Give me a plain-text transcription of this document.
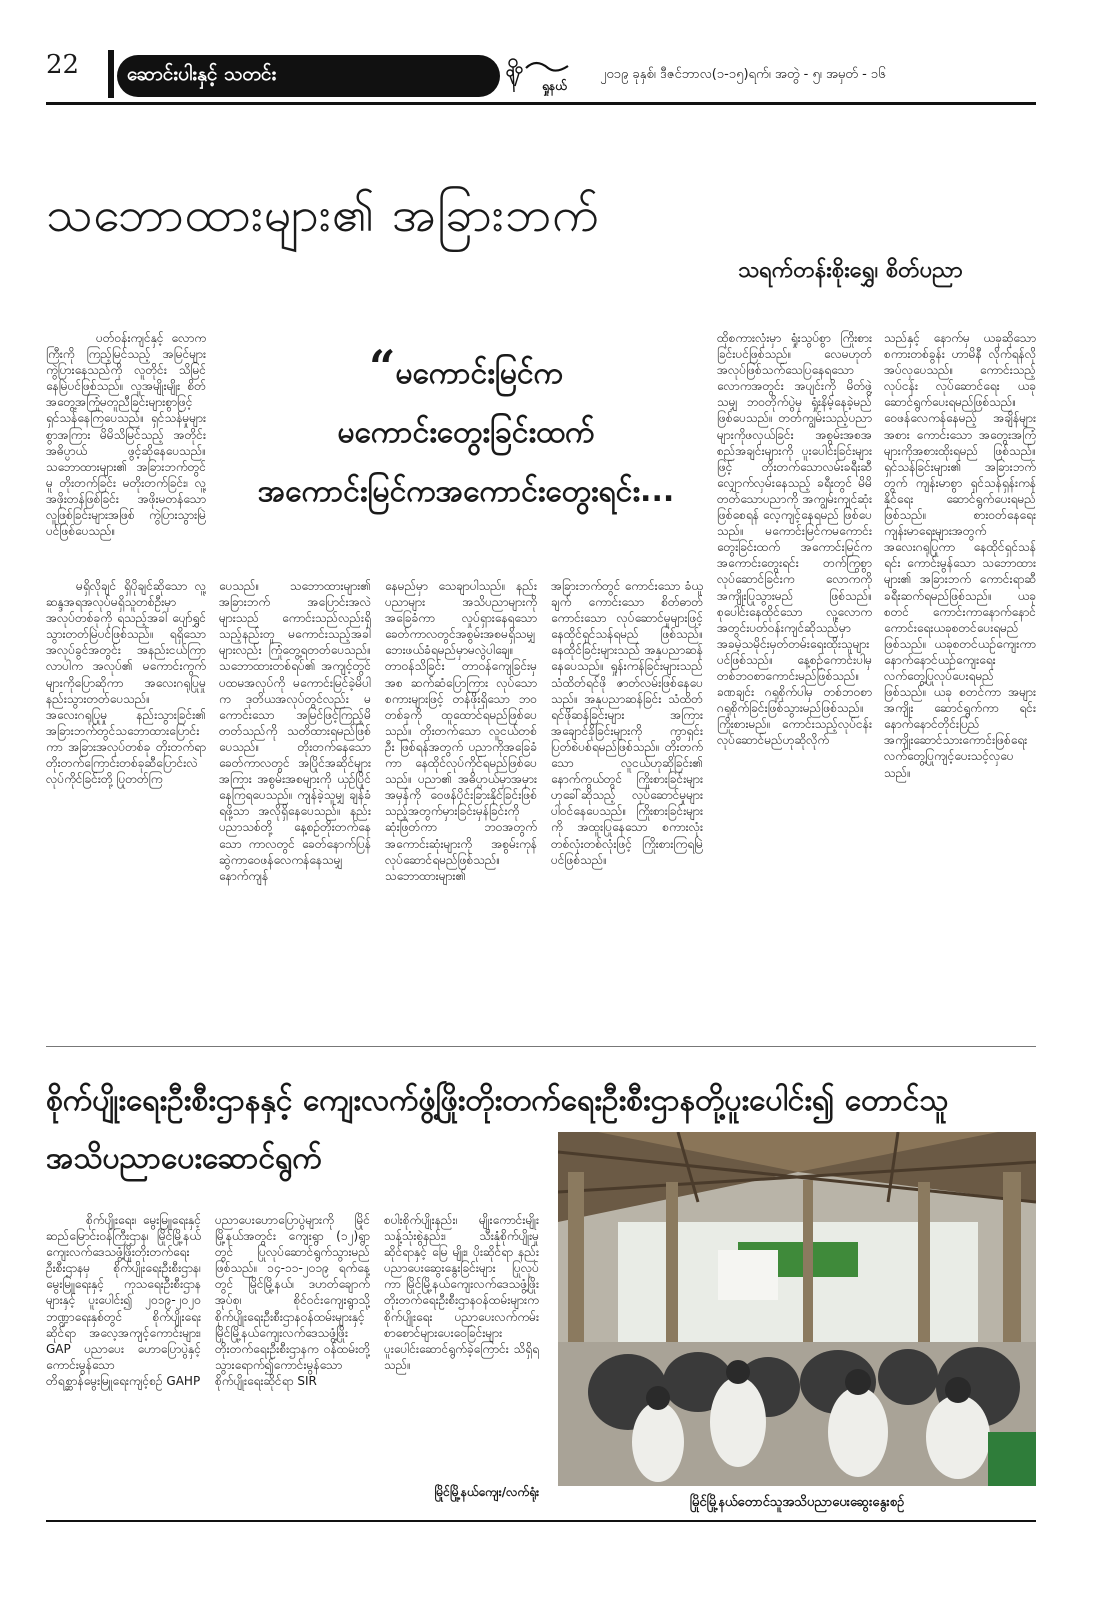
22	ဆောင်းပါးနှင့် သတင်း
ရှုနယ်
၂၀၁၉ ခုနှစ်၊ ဒီဇင်ဘာလ(၁-၁၅)ရက်၊ အတွဲ - ၅၊ အမှတ် - ၁၆
သဘောထားများ၏ အခြားဘက်
သရက်တန်းစိုးရွှေ၊ စိတ်ပညာ
“မကောင်းမြင်က
မကောင်းတွေးခြင်းထက်
အကောင်းမြင်ကအကောင်းတွေးရင်း...

ပတ်ဝန်းကျင်နှင့် လောကကြီးကို ကြည့်မြင်သည့် အမြင်များကွဲပြားနေသည်ကို လူတိုင်း သိမြင်နေမြဲပင်ဖြစ်သည်။ လူအမျိုးမျိုး စိတ်အတွေ့အကြုံမတူညီခြင်းများစွာဖြင့် ရှင်သန်နေကြပေသည်။ ရှင်သန်မှုများစွာအကြား မိမိသိမြင်သည့် အတိုင်း အဓိပ္ပာယ် ဖွင့်ဆိုနေပေသည်။ သဘောထားများ၏ အခြားဘက်တွင်မူ တိုးတက်ခြင်း မတိုးတက်ခြင်း၊ လူ့အဖိုးတန်ဖြစ်ခြင်း အဖိုးမတန်သောလူဖြစ်ခြင်းများအဖြစ် ကွဲပြားသွားမြဲပင်ဖြစ်ပေသည်။

မရှိလိုချင် ရှိပိုချင်ဆိုသော လူ့ဆန္ဒအရအလုပ်မရှိသူတစ်ဦးမှာ အလုပ်တစ်ခုကို ရသည့်အခါ ပျော်ရွှင်သွားတတ်မြဲပင်ဖြစ်သည်။ ရရှိသောအလုပ်ခွင်အတွင်း အနည်းငယ်ကြာလာပါက အလုပ်၏ မကောင်းကွက်များကိုပြောဆိုကာ အလေးဂရုပြုမှု နည်းသွားတတ်ပေသည်။ အလေးဂရုပြုမှု နည်းသွားခြင်း၏ အခြားဘက်တွင်သဘောထားပြောင်းကာ အခြားအလုပ်တစ်ခု တိုးတက်ရာတိုးတက်ကြောင်းတစ်ခုဆီပြောင်းလဲလုပ်ကိုင်ခြင်းတို့ ပြုတတ်ကြ

ပေသည်။ သဘောထားများ၏ အခြားဘက် အပြောင်းအလဲများသည် ကောင်းသည်လည်းရှိသည့်နည်းတူ မကောင်းသည့်အခါများလည်း ကြုံတွေ့ရတတ်ပေသည်။ သဘောထားတစ်ရပ်၏ အကျင့်တွင်ပထမအလုပ်ကို မကောင်းမြင်ခဲ့မိပါက ဒုတိယအလုပ်တွင်လည်း မကောင်းသော အမြင်ဖြင့်ကြည့်မိတတ်သည်ကို သတိထားရမည်ဖြစ်ပေသည်။ တိုးတက်နေသော ခေတ်ကာလတွင် အပြိုင်အဆိုင်များအကြား အစွမ်းအစများကို ယှဉ်ပြိုင်နေကြရပေသည်။ ကျန်ခဲ့သူမျှ ချန်ခံရဖို့သာ အလိုရှိနေပေသည်။ နည်းပညာသစ်တို့ နေ့စဉ်တိုးတက်နေသော ကာလတွင် ခေတ်နောက်ပြန်ဆွဲကာဝေဖန်လေကန်နေသမျှ နောက်ကျန်

နေမည်မှာ သေချာပါသည်။ နည်းပညာများ အသိပညာများကို အခြေခံကာ လှုပ်ရှားနေရသော ခေတ်ကာလတွင်အစွမ်းအစမရှိသမျှ ဘေးဖယ်ခံရမည်မှာမလွဲပါချေ။ တာဝန်သိခြင်း တာဝန်ကျေခြင်းမှအစ ဆက်ဆံပြောကြား လုပ်သောစကားများဖြင့် တန်ဖိုးရှိသော ဘဝတစ်ခုကို ထူထောင်ရမည်ဖြစ်ပေသည်။ တိုးတက်သော လူငယ်တစ်ဦး ဖြစ်ရန်အတွက် ပညာကိုအခြေခံကာ နေထိုင်လုပ်ကိုင်ရမည်ဖြစ်ပေသည်။ ပညာ၏ အဓိပ္ပာယ်မှာအမှားအမှန်ကို ဝေဖန်ပိုင်းခြားနိုင်ခြင်းဖြစ်သည့်အတွက်မှားခြင်းမှန်ခြင်းကို ဆုံးဖြတ်ကာ ဘဝအတွက် အကောင်းဆုံးများကို အစွမ်းကုန် လုပ်ဆောင်ရမည်ဖြစ်သည်။ သဘောထားများ၏

အခြားဘက်တွင် ကောင်းသော ခံယူချက် ကောင်းသော စိတ်ဓာတ် ကောင်းသော လုပ်ဆောင်မှုများဖြင့် နေထိုင်ရှင်သန်ရမည် ဖြစ်သည်။ နေထိုင်ခြင်းများသည် အနုပညာဆန်နေပေသည်။ ရှုန်းကန်ခြင်းများသည်သံထိတ်ရင်ဖို ဇာတ်လမ်းဖြစ်နေပေသည်။ အနုပညာဆန်ခြင်း သံထိတ်ရင်ဖိုဆန်ခြင်းများ အကြား အချောင်ခိုခြင်းများကို ကွာရှင်းပြတ်စဲပစ်ရမည်ဖြစ်သည်။ တိုးတက်သော လူငယ်ဟုဆိုခြင်း၏ နောက်ကွယ်တွင် ကြိုးစားခြင်းများဟုခေါ်ဆိုသည့် လုပ်ဆောင်မှုများ ပါဝင်နေပေသည်။ ကြိုးစားခြင်းများကို အထူးပြုနေသော စကားလုံး တစ်လုံးတစ်လုံးဖြင့် ကြိုးစားကြရမြဲပင်ဖြစ်သည်။

ထိုစကားလုံးမှာ ရှုံးသွပ်စွာ ကြိုးစားခြင်းပင်ဖြစ်သည်။ လေမဟုတ် အလုပ်ဖြစ်သက်သေပြနေရသော လောကအတွင်း အပျင်းကို မိတ်ဖွဲ့သမျှ ဘဝတိုက်ပွဲမှ ရှုံးနိမ့်နေခဲ့မည်ဖြစ်ပေသည်။ တတ်ကျွမ်းသည့်ပညာများကိုဖလှယ်ခြင်း အစွမ်းအစအစည်အချင်းများကို ပူးပေါင်းခြင်းများဖြင့် တိုးတက်သောလမ်းခရီးဆီ လျှောက်လှမ်းနေသည့် ခရီးတွင် မိမိတတ်သောပညာကို အကျွမ်းကျင်ဆုံးဖြစ်စေရန် လေ့ကျင့်နေရမည် ဖြစ်ပေသည်။ မကောင်းမြင်ကမကောင်းတွေးခြင်းထက် အကောင်းမြင်ကအကောင်းတွေးရင်း တက်ကြွစွာလုပ်ဆောင်ခြင်းက လောကကိုအကျိုးပြုသွားမည် ဖြစ်သည်။ စုပေါင်းနေထိုင်သော လူ့လောကအတွင်းပတ်ဝန်းကျင်ဆိုသည်မှာ အခမဲ့သမိုင်းမှတ်တမ်းရေးထိုးသူများပင်ဖြစ်သည်။ နေ့စဉ်ကောင်းပါမှ တစ်ဘဝစာကောင်းမည်ဖြစ်သည်။ ခဏချင်း ဂရုစိုက်ပါမှ တစ်ဘဝစာ ဂရုစိုက်ခြင်းဖြစ်သွားမည်ဖြစ်သည်။ ကြိုးစားမည်။ ကောင်းသည့်လုပ်ငန်း လုပ်ဆောင်မည်ဟုဆိုလိုက်

သည်နှင့် နောက်မှ ယခုဆိုသော စကားတစ်ခွန်း ဟာမိနီ လိုက်ရန်လိုအပ်လှပေသည်။ ကောင်းသည့်လုပ်ငန်း လုပ်ဆောင်ရေး ယခု ဆောင်ရွက်ပေးရမည်ဖြစ်သည်။ ဝေဖန်လေကန်နေမည့် အချိန်များအစား ကောင်းသော အတွေးအကြံများကိုအစားထိုးရမည် ဖြစ်သည်။ ရှင်သန်ခြင်းများ၏ အခြားဘက်တွက် ကျန်းမာစွာ ရှင်သန်ရှန်းကန်နိုင်ရေး ဆောင်ရွက်ပေးရမည်ဖြစ်သည်။ စားဝတ်နေရေး ကျန်းမာရေးများအတွက် အလေးဂရုပြုကာ နေထိုင်ရှင်သန်ရင်း ကောင်းမွန်သော သဘောထားများ၏ အခြားဘက် ကောင်းရာဆီခရီးဆက်ရမည်ဖြစ်သည်။ ယခုစတင် ကောင်းကာနောက်နောင် ကောင်းရေးယခုစတင်ပေးရမည်ဖြစ်သည်။ ယခုစတင်ယဉ်ကျေးကာ နောက်နောင်ယဉ်ကျေးရေး လက်တွေ့ပြုလုပ်ပေးရမည်ဖြစ်သည်။ ယခု စတင်ကာ အများအကျိုး ဆောင်ရွက်ကာ ရင်း နောက်နောင်တိုင်းပြည် အကျိုးဆောင်သားကောင်းဖြစ်ရေး လက်တွေ့ပြုကျင့်ပေးသင့်လှပေသည်။

စိုက်ပျိုးရေးဦးစီးဌာနနှင့် ကျေးလက်ဖွံ့ဖြိုးတိုးတက်ရေးဦးစီးဌာနတို့ပူးပေါင်း၍ တောင်သူ အသိပညာပေးဆောင်ရွက်

စိုက်ပျိုးရေး၊ မွေးမြူရေးနှင့် ဆည်မြောင်းဝန်ကြီးဌာန၊ မြိုင်မြို့နယ်ကျေးလက်ဒေသဖွံ့ဖြိုးတိုးတက်ရေးဦးစီးဌာနမှ စိုက်ပျိုးရေးဦးစီးဌာန၊ မွေးမြူရေးနှင့် ကုသရေးဦးစီးဌာနများနှင့် ပူးပေါင်း၍ ၂၀၁၉-၂၀၂၀ ဘဏ္ဍာရေးနှစ်တွင် စိုက်ပျိုးရေးဆိုင်ရာ အလေ့အကျင့်ကောင်းများ၊ GAP ပညာပေး ဟောပြောပွဲနှင့် ကောင်းမွန်သော တိရစ္ဆာန်မွေးမြူရေးကျင့်စဉ် GAHP

ပညာပေးဟောပြောပွဲများကို မြိုင်မြို့နယ်အတွင်း ကျေးရွာ (၁၂)ရွာတွင် ပြုလုပ်ဆောင်ရွက်သွားမည်ဖြစ်သည်။ ၁၄-၁၁-၂၀၁၉ ရက်နေ့တွင် မြိုင်မြို့နယ်၊ ဒဟတ်ချောက်အုပ်စု၊ စိုင်ဝင်းကျေးရွာသို့ စိုက်ပျိုးရေးဦးစီးဌာနဝန်ထမ်းများနှင့် မြိုင်မြို့နယ်ကျေးလက်ဒေသဖွံ့ဖြိုးတိုးတက်ရေးဦးစီးဌာနက ဝန်ထမ်းတို့ သွားရောက်၍ကောင်းမွန်သော စိုက်ပျိုးရေးဆိုင်ရာ SIR

စပါးစိုက်ပျိုးနည်း၊ မျိုးကောင်းမျိုးသန့်သုံးစွဲနည်း၊ သီးနှံစိုက်ပျိုးမှုဆိုင်ရာနှင့် မြေ မျိုး၊ ပိုးဆိုင်ရာ နည်းပညာပေးဆွေးနွေးခြင်းများ ပြုလုပ်ကာ မြိုင်မြို့နယ်ကျေးလက်ဒေသဖွံ့ဖြိုးတိုးတက်ရေးဦးစီးဌာနဝန်ထမ်းများက စိုက်ပျိုးရေး ပညာပေးလက်ကမ်းစာစောင်များပေးဝေခြင်းများ ပူးပေါင်းဆောင်ရွက်ခဲ့ကြောင်း သိရှိရသည်။

မြိုင်မြို့နယ်ကျေး/လက်ရုံး
မြိုင်မြို့နယ်တောင်သူအသိပညာပေးဆွေးနွေးစဉ်
